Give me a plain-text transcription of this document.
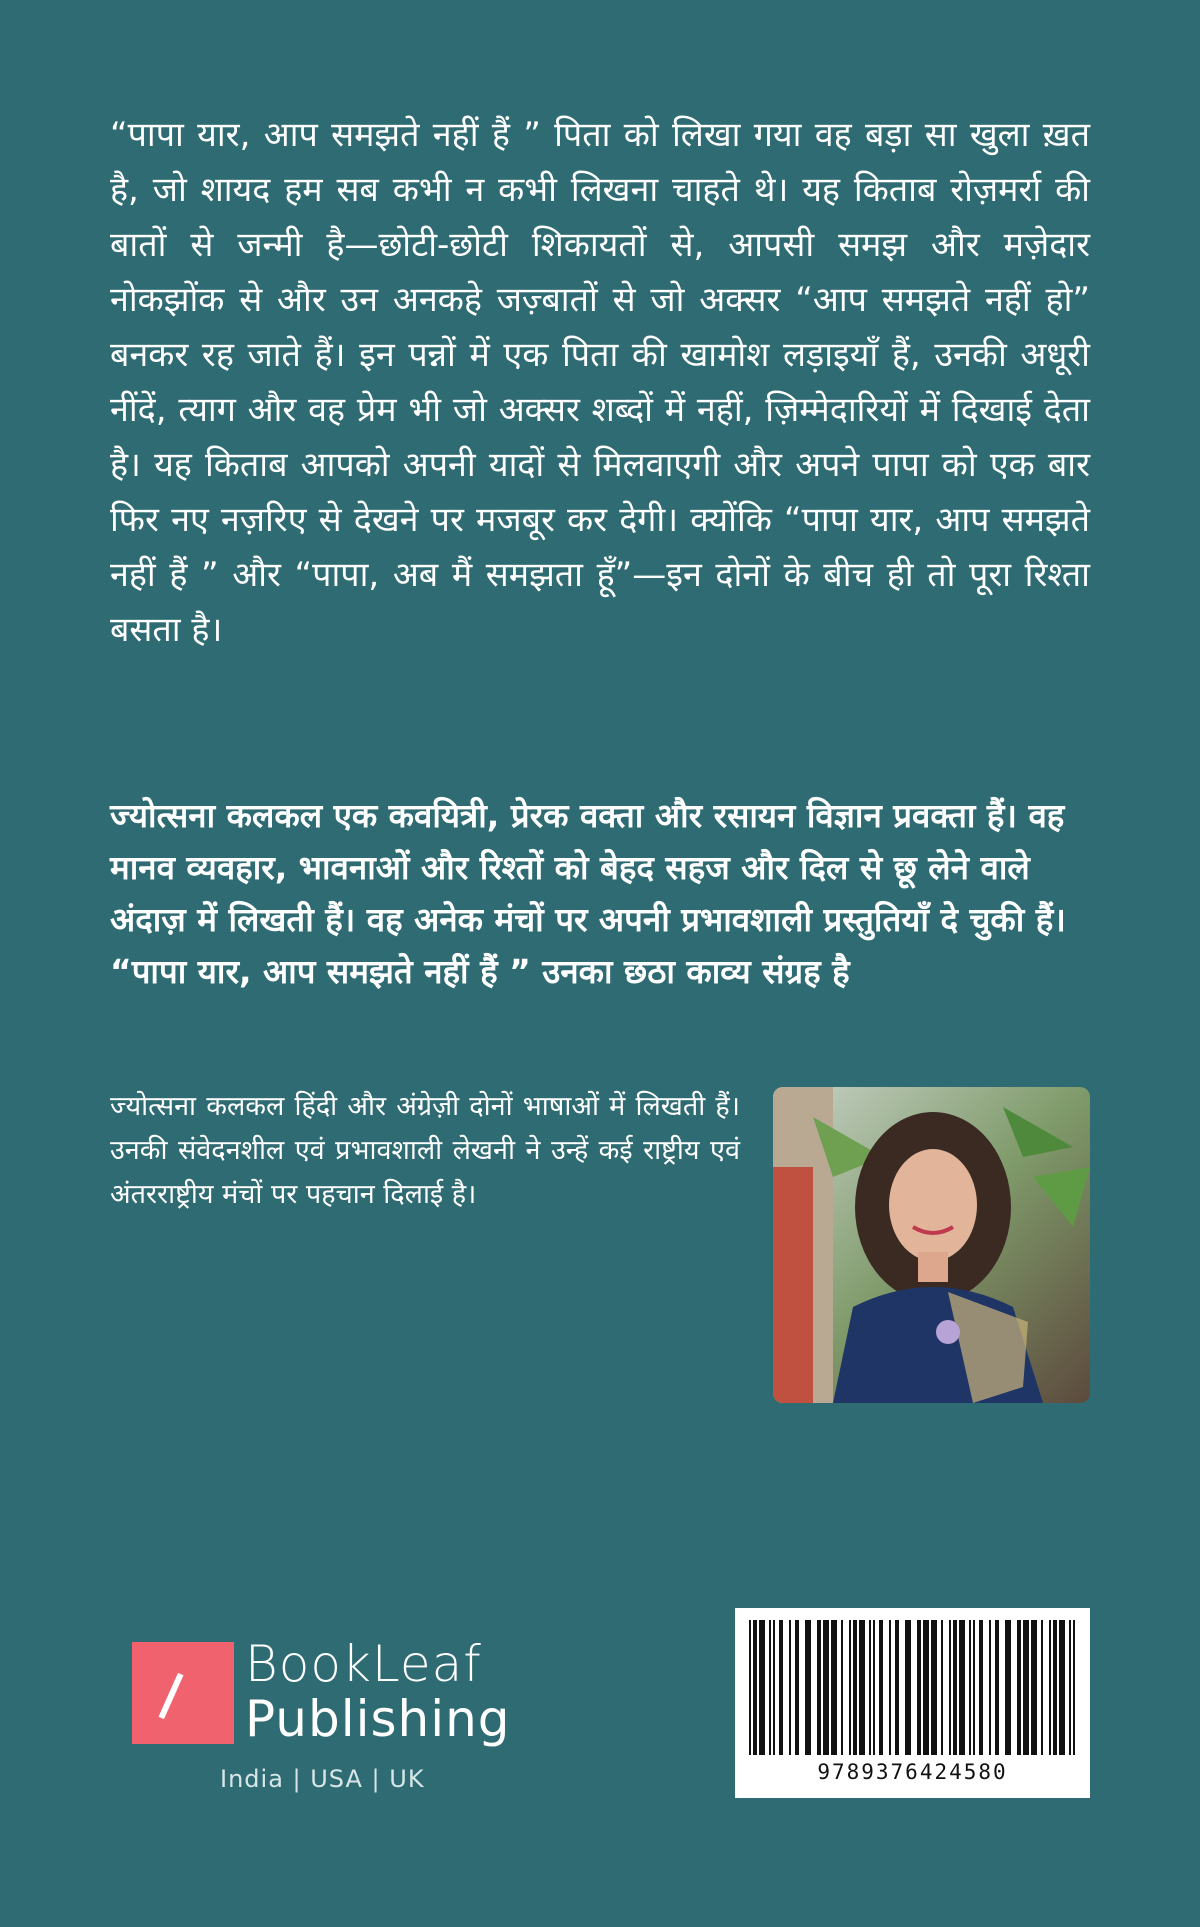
“पापा यार, आप समझते नहीं हैं ” पिता को लिखा गया वह बड़ा सा खुला ख़त है, जो शायद हम सब कभी न कभी लिखना चाहते थे। यह किताब रोज़मर्रा की बातों से जन्मी है—छोटी-छोटी शिकायतों से, आपसी समझ और मज़ेदार नोकझोंक से और उन अनकहे जज़्बातों से जो अक्सर “आप समझते नहीं हो” बनकर रह जाते हैं। इन पन्नों में एक पिता की खामोश लड़ाइयाँ हैं, उनकी अधूरी नींदें, त्याग और वह प्रेम भी जो अक्सर शब्दों में नहीं, ज़िम्मेदारियों में दिखाई देता है। यह किताब आपको अपनी यादों से मिलवाएगी और अपने पापा को एक बार फिर नए नज़रिए से देखने पर मजबूर कर देगी। क्योंकि “पापा यार, आप समझते नहीं हैं ” और “पापा, अब मैं समझता हूँ”—इन दोनों के बीच ही तो पूरा रिश्ता बसता है।

ज्योत्सना कलकल एक कवयित्री, प्रेरक वक्ता और रसायन विज्ञान प्रवक्ता हैं। वह मानव व्यवहार, भावनाओं और रिश्तों को बेहद सहज और दिल से छू लेने वाले अंदाज़ में लिखती हैं। वह अनेक मंचों पर अपनी प्रभावशाली प्रस्तुतियाँ दे चुकी हैं। “पापा यार, आप समझते नहीं हैं ” उनका छठा काव्य संग्रह है

ज्योत्सना कलकल हिंदी और अंग्रेज़ी दोनों भाषाओं में लिखती हैं।उनकी संवेदनशील एवं प्रभावशाली लेखनी ने उन्हें कई राष्ट्रीय एवं अंतरराष्ट्रीय मंचों पर पहचान दिलाई है।

BookLeaf
Publishing
India | USA | UK	9789376424580
